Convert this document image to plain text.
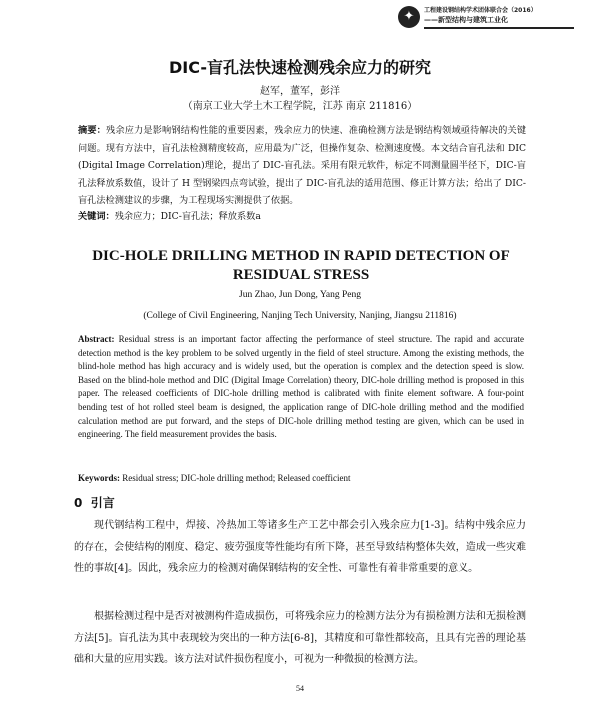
✦	工程建设钢结构学术团体联合会（2016）
——新型结构与建筑工业化
DIC-盲孔法快速检测残余应力的研究
赵军，董军，彭洋
（南京工业大学土木工程学院，江苏 南京 211816）

摘要：残余应力是影响钢结构性能的重要因素，残余应力的快速、准确检测方法是钢结构领域亟待解决的关键问题。现有方法中，盲孔法检测精度较高，应用最为广泛，但操作复杂、检测速度慢。本文结合盲孔法和 DIC (Digital Image Correlation)理论，提出了 DIC-盲孔法。采用有限元软件，标定不同测量圆半径下，DIC-盲孔法释放系数值，设计了 H 型钢梁四点弯试验，提出了 DIC-盲孔法的适用范围、修正计算方法；给出了 DIC-盲孔法检测建议的步骤，为工程现场实测提供了依据。

关键词：残余应力；DIC-盲孔法；释放系数a

DIC-HOLE DRILLING METHOD IN RAPID DETECTION OF RESIDUAL STRESS
Jun Zhao, Jun Dong, Yang Peng
(College of Civil Engineering, Nanjing Tech University, Nanjing, Jiangsu 211816)

Abstract: Residual stress is an important factor affecting the performance of steel structure. The rapid and accurate detection method is the key problem to be solved urgently in the field of steel structure. Among the existing methods, the blind-hole method has high accuracy and is widely used, but the operation is complex and the detection speed is slow. Based on the blind-hole method and DIC (Digital Image Correlation) theory, DIC-hole drilling method is proposed in this paper. The released coefficients of DIC-hole drilling method is calibrated with finite element software. A four-point bending test of hot rolled steel beam is designed, the application range of DIC-hole drilling method and the modified calculation method are put forward, and the steps of DIC-hole drilling method testing are given, which can be used in engineering. The field measurement provides the basis.

Keywords: Residual stress; DIC-hole drilling method; Released coefficient

0 引言

现代钢结构工程中，焊接、冷热加工等诸多生产工艺中都会引入残余应力[1-3]。结构中残余应力的存在，会使结构的刚度、稳定、疲劳强度等性能均有所下降，甚至导致结构整体失效，造成一些灾难性的事故[4]。因此，残余应力的检测对确保钢结构的安全性、可靠性有着非常重要的意义。

根据检测过程中是否对被测构件造成损伤，可将残余应力的检测方法分为有损检测方法和无损检测方法[5]。盲孔法为其中表现较为突出的一种方法[6-8]，其精度和可靠性都较高，且具有完善的理论基础和大量的应用实践。该方法对试件损伤程度小，可视为一种微损的检测方法。

54
